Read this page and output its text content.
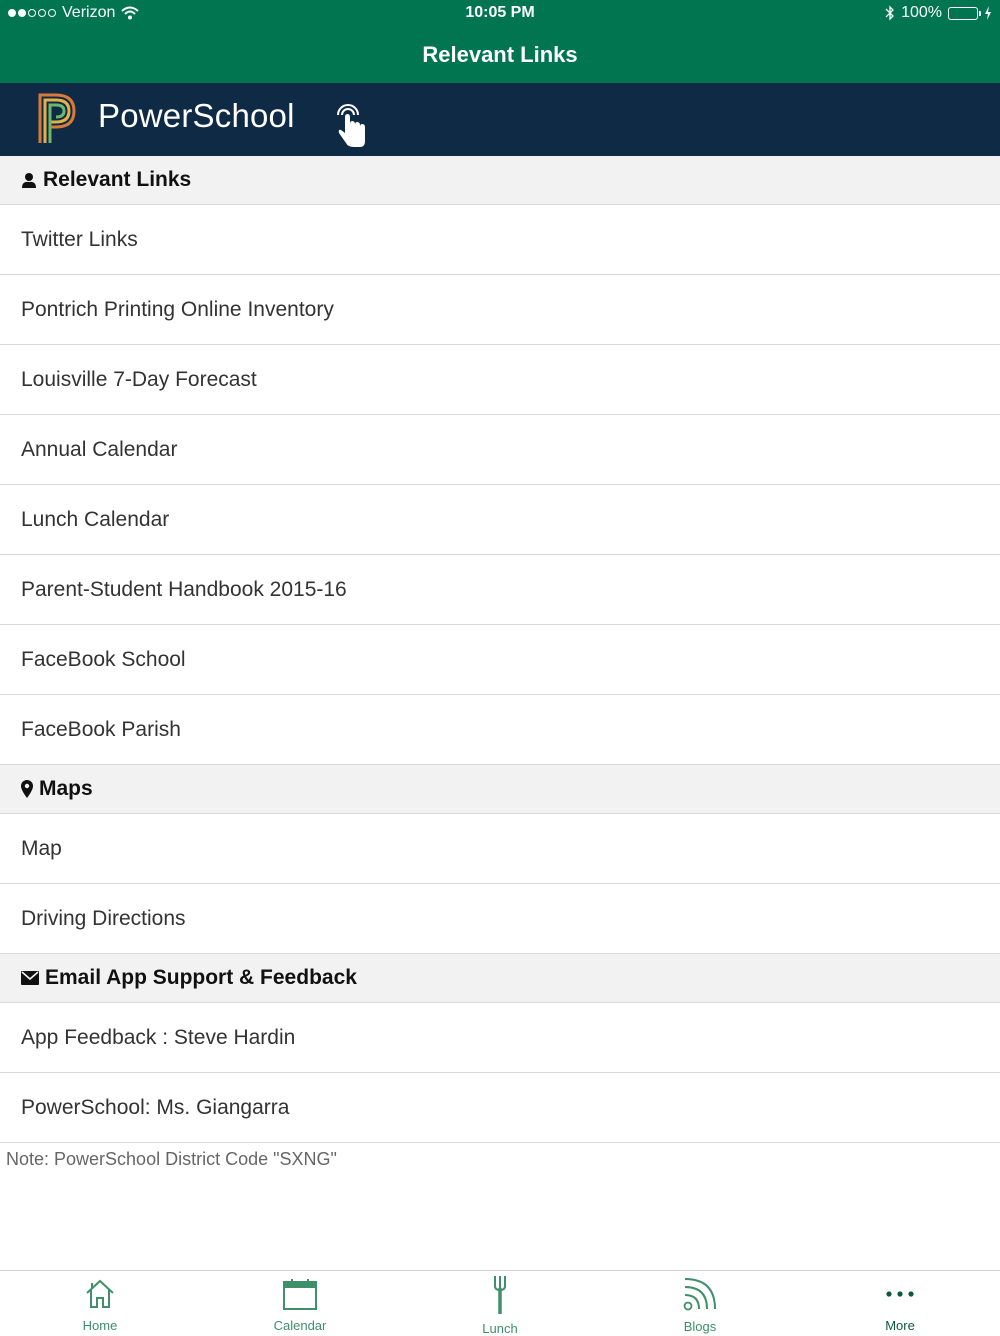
Verizon	10:05 PM	100%
Relevant Links
PowerSchool
Relevant Links
Twitter Links
Pontrich Printing Online Inventory
Louisville 7-Day Forecast
Annual Calendar
Lunch Calendar
Parent-Student Handbook 2015-16
FaceBook School
FaceBook Parish
Maps
Map
Driving Directions
Email App Support & Feedback
App Feedback : Steve Hardin
PowerSchool: Ms. Giangarra
Note: PowerSchool District Code "SXNG"
Home	Calendar	Lunch	Blogs	More
